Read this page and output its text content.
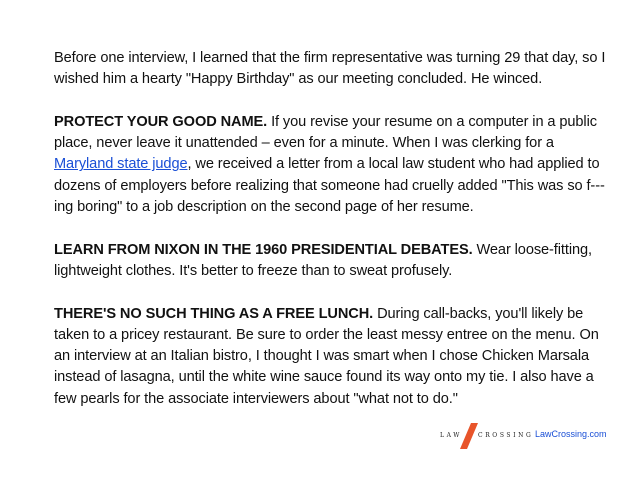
Before one interview, I learned that the firm representative was turning 29 that day, so I wished him a hearty "Happy Birthday" as our meeting concluded. He winced.

PROTECT YOUR GOOD NAME. If you revise your resume on a computer in a public place, never leave it unattended – even for a minute. When I was clerking for a Maryland state judge, we received a letter from a local law student who had applied to dozens of employers before realizing that someone had cruelly added "This was so f---ing boring" to a job description on the second page of her resume.

LEARN FROM NIXON IN THE 1960 PRESIDENTIAL DEBATES. Wear loose-fitting, lightweight clothes. It's better to freeze than to sweat profusely.

THERE'S NO SUCH THING AS A FREE LUNCH. During call-backs, you'll likely be taken to a pricey restaurant. Be sure to order the least messy entree on the menu. On an interview at an Italian bistro, I thought I was smart when I chose Chicken Marsala instead of lasagna, until the white wine sauce found its way onto my tie. I also have a few pearls for the associate interviewers about "what not to do."

LAW	CROSSING LawCrossing.com
